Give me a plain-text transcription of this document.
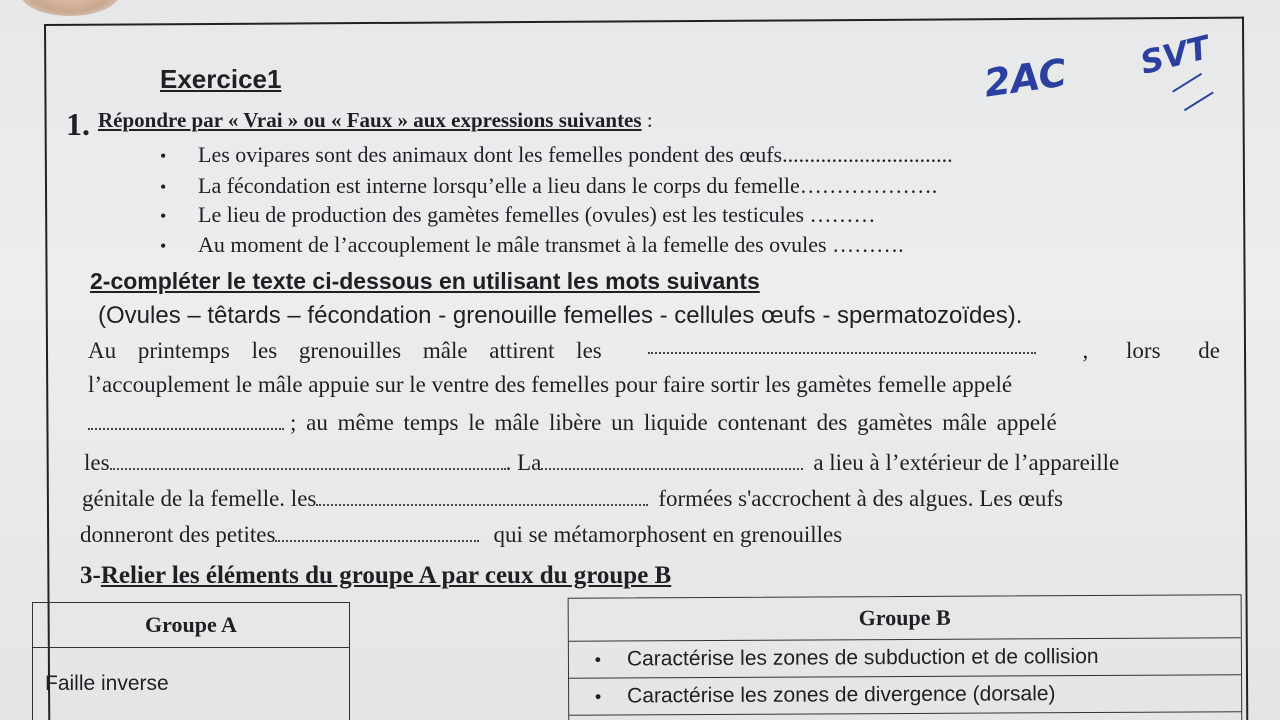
Exercice1	2AC SVT
1. Répondre par « Vrai » ou « Faux » aux expressions suivantes :
• Les ovipares sont des animaux dont les femelles pondent des œufs...............................
• La fécondation est interne lorsqu’elle a lieu dans le corps du femelle……………….
• Le lieu de production des gamètes femelles (ovules) est les testicules ………
• Au moment de l’accouplement le mâle transmet à la femelle des ovules ……….
2-compléter le texte ci-dessous en utilisant les mots suivants
(Ovules – têtards – fécondation - grenouille femelles - cellules œufs - spermatozoïdes).
Au printemps les grenouilles mâle attirent les	, lors de
l’accouplement le mâle appuie sur le ventre des femelles pour faire sortir les gamètes femelle appelé
; au même temps le mâle libère un liquide contenant des gamètes mâle appelé
les	. La	a lieu à l’extérieur de l’appareille
génitale de la femelle. les	formées s'accrochent à des algues. Les œufs
donneront des petites	qui se métamorphosent en grenouilles
3-Relier les éléments du groupe A par ceux du groupe B
Groupe A
Faille inverse
Groupe B
•	Caractérise les zones de subduction et de collision
•	Caractérise les zones de divergence (dorsale)
